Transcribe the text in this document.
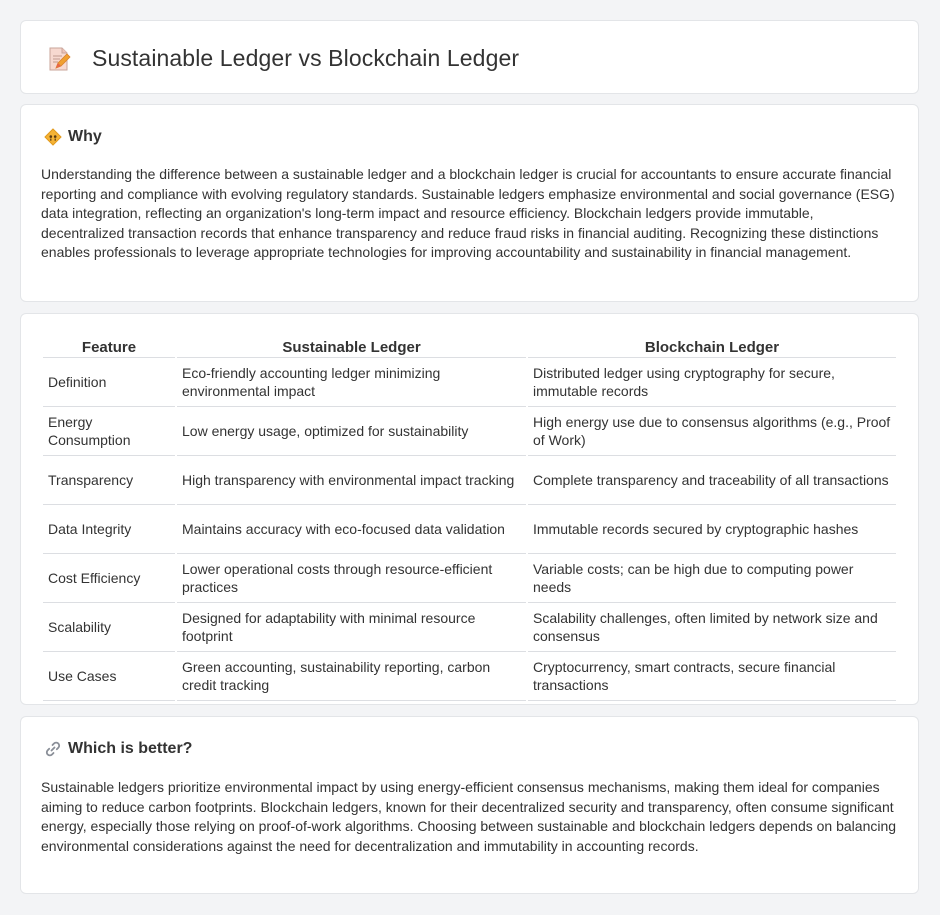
Sustainable Ledger vs Blockchain Ledger
Why

Understanding the difference between a sustainable ledger and a blockchain ledger is crucial for accountants to ensure accurate financial reporting and compliance with evolving regulatory standards. Sustainable ledgers emphasize environmental and social governance (ESG) data integration, reflecting an organization's long-term impact and resource efficiency. Blockchain ledgers provide immutable, decentralized transaction records that enhance transparency and reduce fraud risks in financial auditing. Recognizing these distinctions enables professionals to leverage appropriate technologies for improving accountability and sustainability in financial management.

Feature	Sustainable Ledger	Blockchain Ledger
Definition	Eco-friendly accounting ledger minimizing environmental impact	Distributed ledger using cryptography for secure, immutable records
Energy Consumption	Low energy usage, optimized for sustainability	High energy use due to consensus algorithms (e.g., Proof of Work)
Transparency	High transparency with environmental impact tracking	Complete transparency and traceability of all transactions
Data Integrity	Maintains accuracy with eco-focused data validation	Immutable records secured by cryptographic hashes
Cost Efficiency	Lower operational costs through resource-efficient practices	Variable costs; can be high due to computing power needs
Scalability	Designed for adaptability with minimal resource footprint	Scalability challenges, often limited by network size and consensus
Use Cases	Green accounting, sustainability reporting, carbon credit tracking	Cryptocurrency, smart contracts, secure financial transactions
Which is better?

Sustainable ledgers prioritize environmental impact by using energy-efficient consensus mechanisms, making them ideal for companies aiming to reduce carbon footprints. Blockchain ledgers, known for their decentralized security and transparency, often consume significant energy, especially those relying on proof-of-work algorithms. Choosing between sustainable and blockchain ledgers depends on balancing environmental considerations against the need for decentralization and immutability in accounting records.
